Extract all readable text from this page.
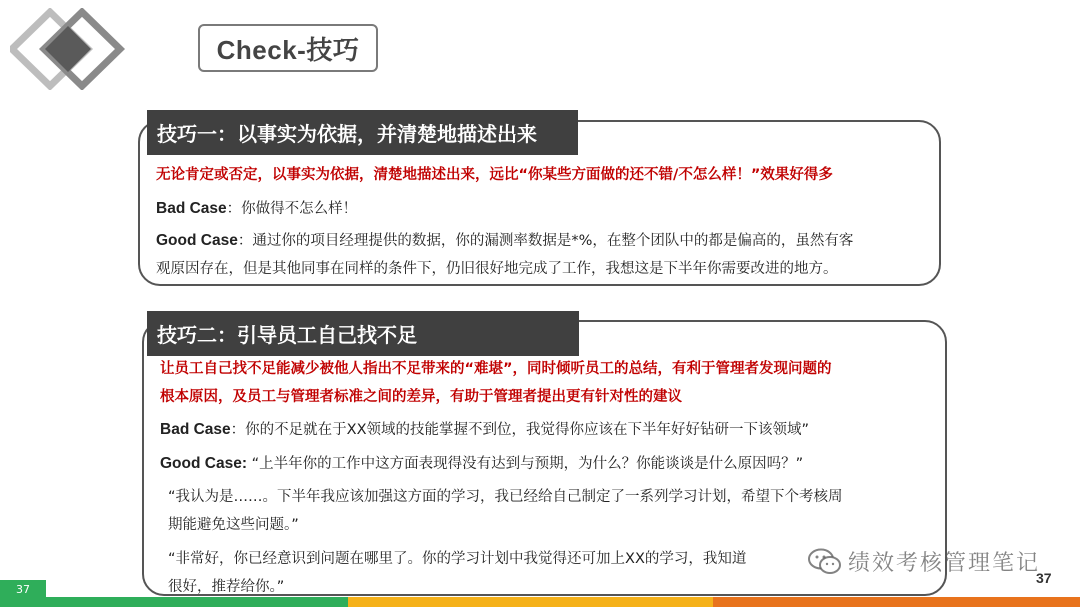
Check-技巧
技巧一：以事实为依据，并清楚地描述出来
无论肯定或否定，以事实为依据，清楚地描述出来，远比“你某些方面做的还不错/不怎么样！”效果好得多
Bad Case：你做得不怎么样！
Good Case：通过你的项目经理提供的数据，你的漏测率数据是*%，在整个团队中的都是偏高的，虽然有客
观原因存在，但是其他同事在同样的条件下，仍旧很好地完成了工作，我想这是下半年你需要改进的地方。
技巧二：引导员工自己找不足
让员工自己找不足能减少被他人指出不足带来的“难堪”，同时倾听员工的总结，有利于管理者发现问题的
根本原因，及员工与管理者标准之间的差异，有助于管理者提出更有针对性的建议
Bad Case：你的不足就在于XX领域的技能掌握不到位，我觉得你应该在下半年好好钻研一下该领域”
Good Case: “上半年你的工作中这方面表现得没有达到与预期，为什么？你能谈谈是什么原因吗？”
“我认为是……。下半年我应该加强这方面的学习，我已经给自己制定了一系列学习计划，希望下个考核周
期能避免这些问题。”
“非常好，你已经意识到问题在哪里了。你的学习计划中我觉得还可加上XX的学习，我知道
很好，推荐给你。”
绩效考核管理笔记
37
37
